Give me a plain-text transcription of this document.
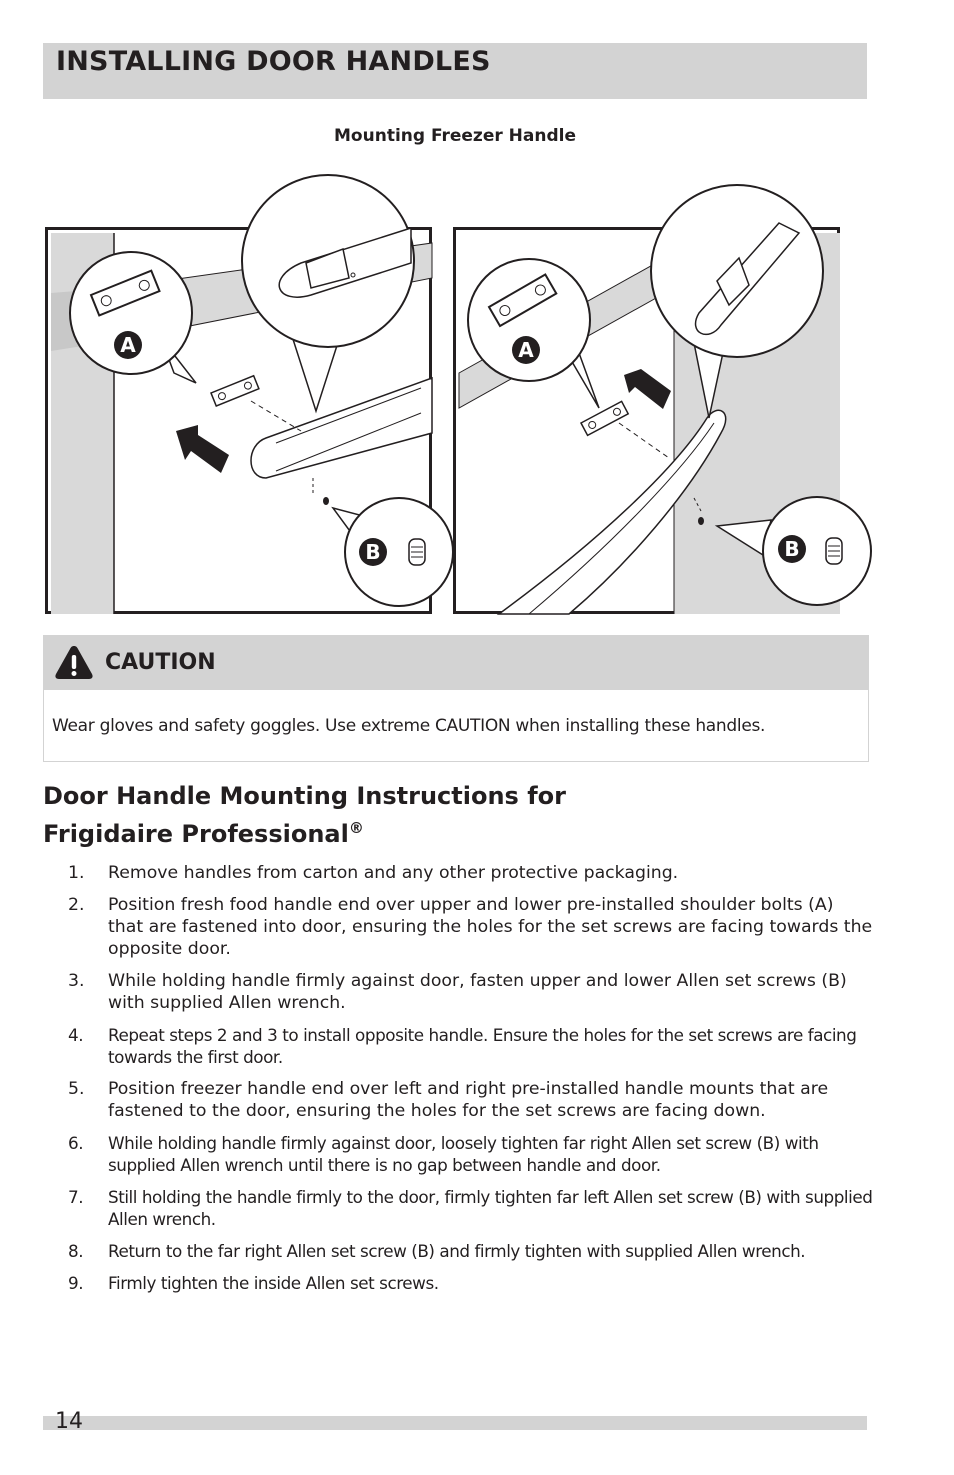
INSTALLING DOOR HANDLES
Mounting Freezer Handle
A
B
A
B
CAUTION
Wear gloves and safety goggles. Use extreme CAUTION when installing these handles.
Door Handle Mounting Instructions for
Frigidaire Professional®
1. Remove handles from carton and any other protective packaging.
2. Position fresh food handle end over upper and lower pre-installed shoulder bolts (A) that are fastened into door, ensuring the holes for the set screws are facing towards the opposite door.
3. While holding handle firmly against door, fasten upper and lower Allen set screws (B) with supplied Allen wrench.
4. Repeat steps 2 and 3 to install opposite handle. Ensure the holes for the set screws are facing towards the first door.
5. Position freezer handle end over left and right pre-installed handle mounts that are fastened to the door, ensuring the holes for the set screws are facing down.
6. While holding handle firmly against door, loosely tighten far right Allen set screw (B) with supplied Allen wrench until there is no gap between handle and door.
7. Still holding the handle firmly to the door, firmly tighten far left Allen set screw (B) with supplied Allen wrench.
8. Return to the far right Allen set screw (B) and firmly tighten with supplied Allen wrench.
9. Firmly tighten the inside Allen set screws.
14
